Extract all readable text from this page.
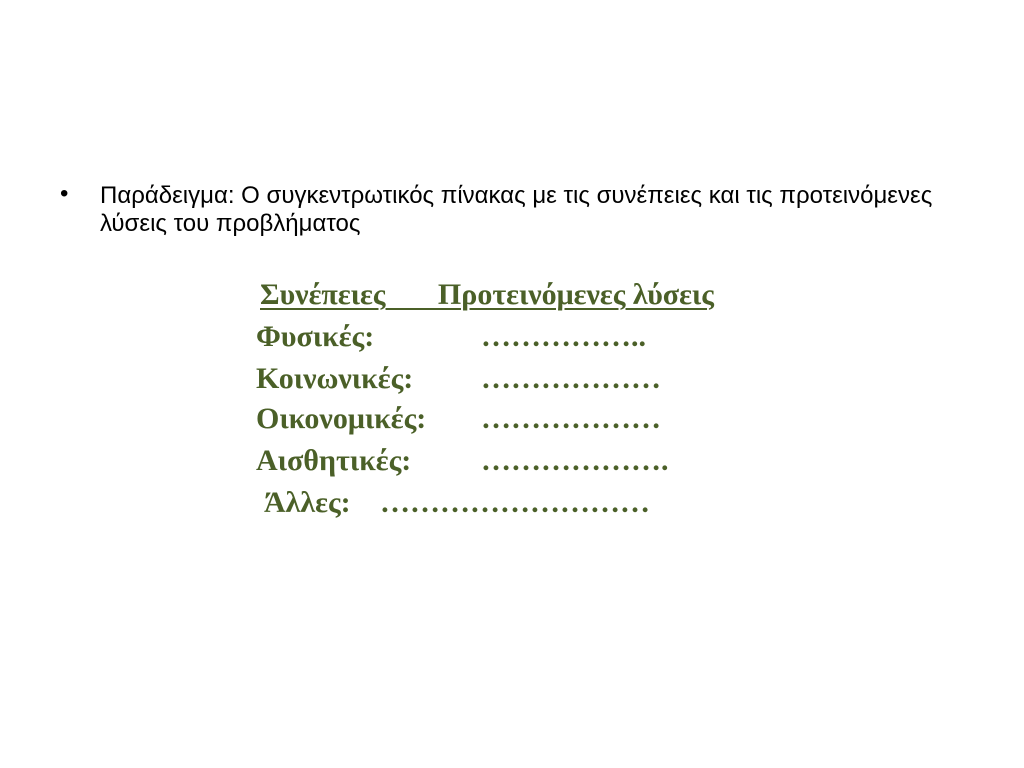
• Παράδειγμα: Ο συγκεντρωτικός πίνακας με τις συνέπειες και τις προτεινόμενες λύσεις του προβλήματος
Συνέπειες       Προτεινόμενες λύσεις
Φυσικές:	……………..
Κοινωνικές: ………………
Οικονομικές: ………………
Αισθητικές: ……………….
Άλλες: ………………………
